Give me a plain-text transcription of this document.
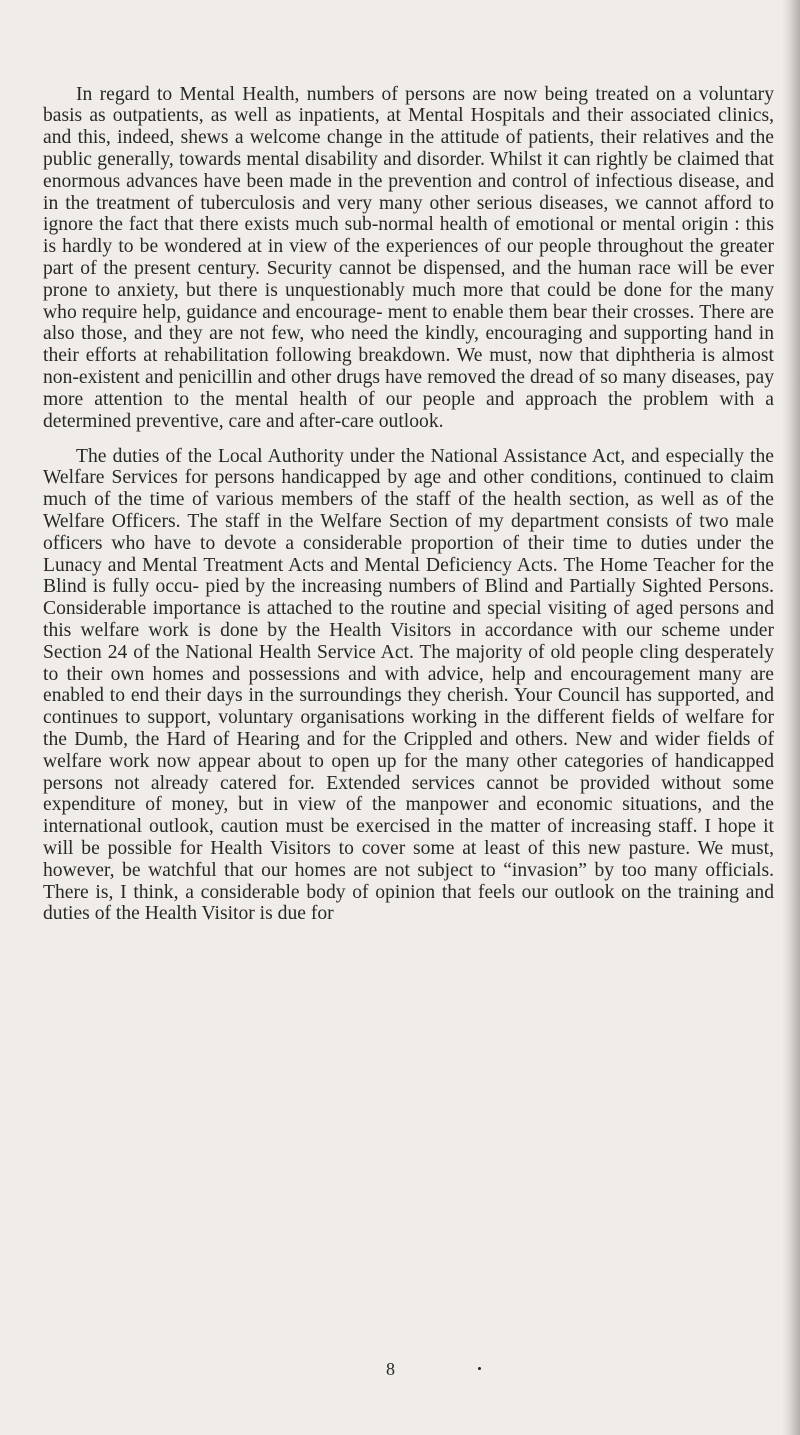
In regard to Mental Health, numbers of persons are now being treated on a voluntary basis as outpatients, as well as inpatients, at Mental Hospitals and their associated clinics, and this, indeed, shews a welcome change in the attitude of patients, their relatives and the public generally, towards mental disability and disorder. Whilst it can rightly be claimed that enormous advances have been made in the prevention and control of infectious disease, and in the treatment of tuberculosis and very many other serious diseases, we cannot afford to ignore the fact that there exists much sub-normal health of emotional or mental origin : this is hardly to be wondered at in view of the experiences of our people throughout the greater part of the present century. Security cannot be dispensed, and the human race will be ever prone to anxiety, but there is unquestionably much more that could be done for the many who require help, guidance and encourage- ment to enable them bear their crosses. There are also those, and they are not few, who need the kindly, encouraging and supporting hand in their efforts at rehabilitation following breakdown. We must, now that diphtheria is almost non-existent and penicillin and other drugs have removed the dread of so many diseases, pay more attention to the mental health of our people and approach the problem with a determined preventive, care and after-care outlook.

The duties of the Local Authority under the National Assistance Act, and especially the Welfare Services for persons handicapped by age and other conditions, continued to claim much of the time of various members of the staff of the health section, as well as of the Welfare Officers. The staff in the Welfare Section of my department consists of two male officers who have to devote a considerable proportion of their time to duties under the Lunacy and Mental Treatment Acts and Mental Deficiency Acts. The Home Teacher for the Blind is fully occu- pied by the increasing numbers of Blind and Partially Sighted Persons. Considerable importance is attached to the routine and special visiting of aged persons and this welfare work is done by the Health Visitors in accordance with our scheme under Section 24 of the National Health Service Act. The majority of old people cling desperately to their own homes and possessions and with advice, help and encouragement many are enabled to end their days in the surroundings they cherish. Your Council has supported, and continues to support, voluntary organisations working in the different fields of welfare for the Dumb, the Hard of Hearing and for the Crippled and others. New and wider fields of welfare work now appear about to open up for the many other categories of handicapped persons not already catered for. Extended services cannot be provided without some expenditure of money, but in view of the manpower and economic situations, and the international outlook, caution must be exercised in the matter of increasing staff. I hope it will be possible for Health Visitors to cover some at least of this new pasture. We must, however, be watchful that our homes are not subject to “invasion” by too many officials. There is, I think, a considerable body of opinion that feels our outlook on the training and duties of the Health Visitor is due for

8
